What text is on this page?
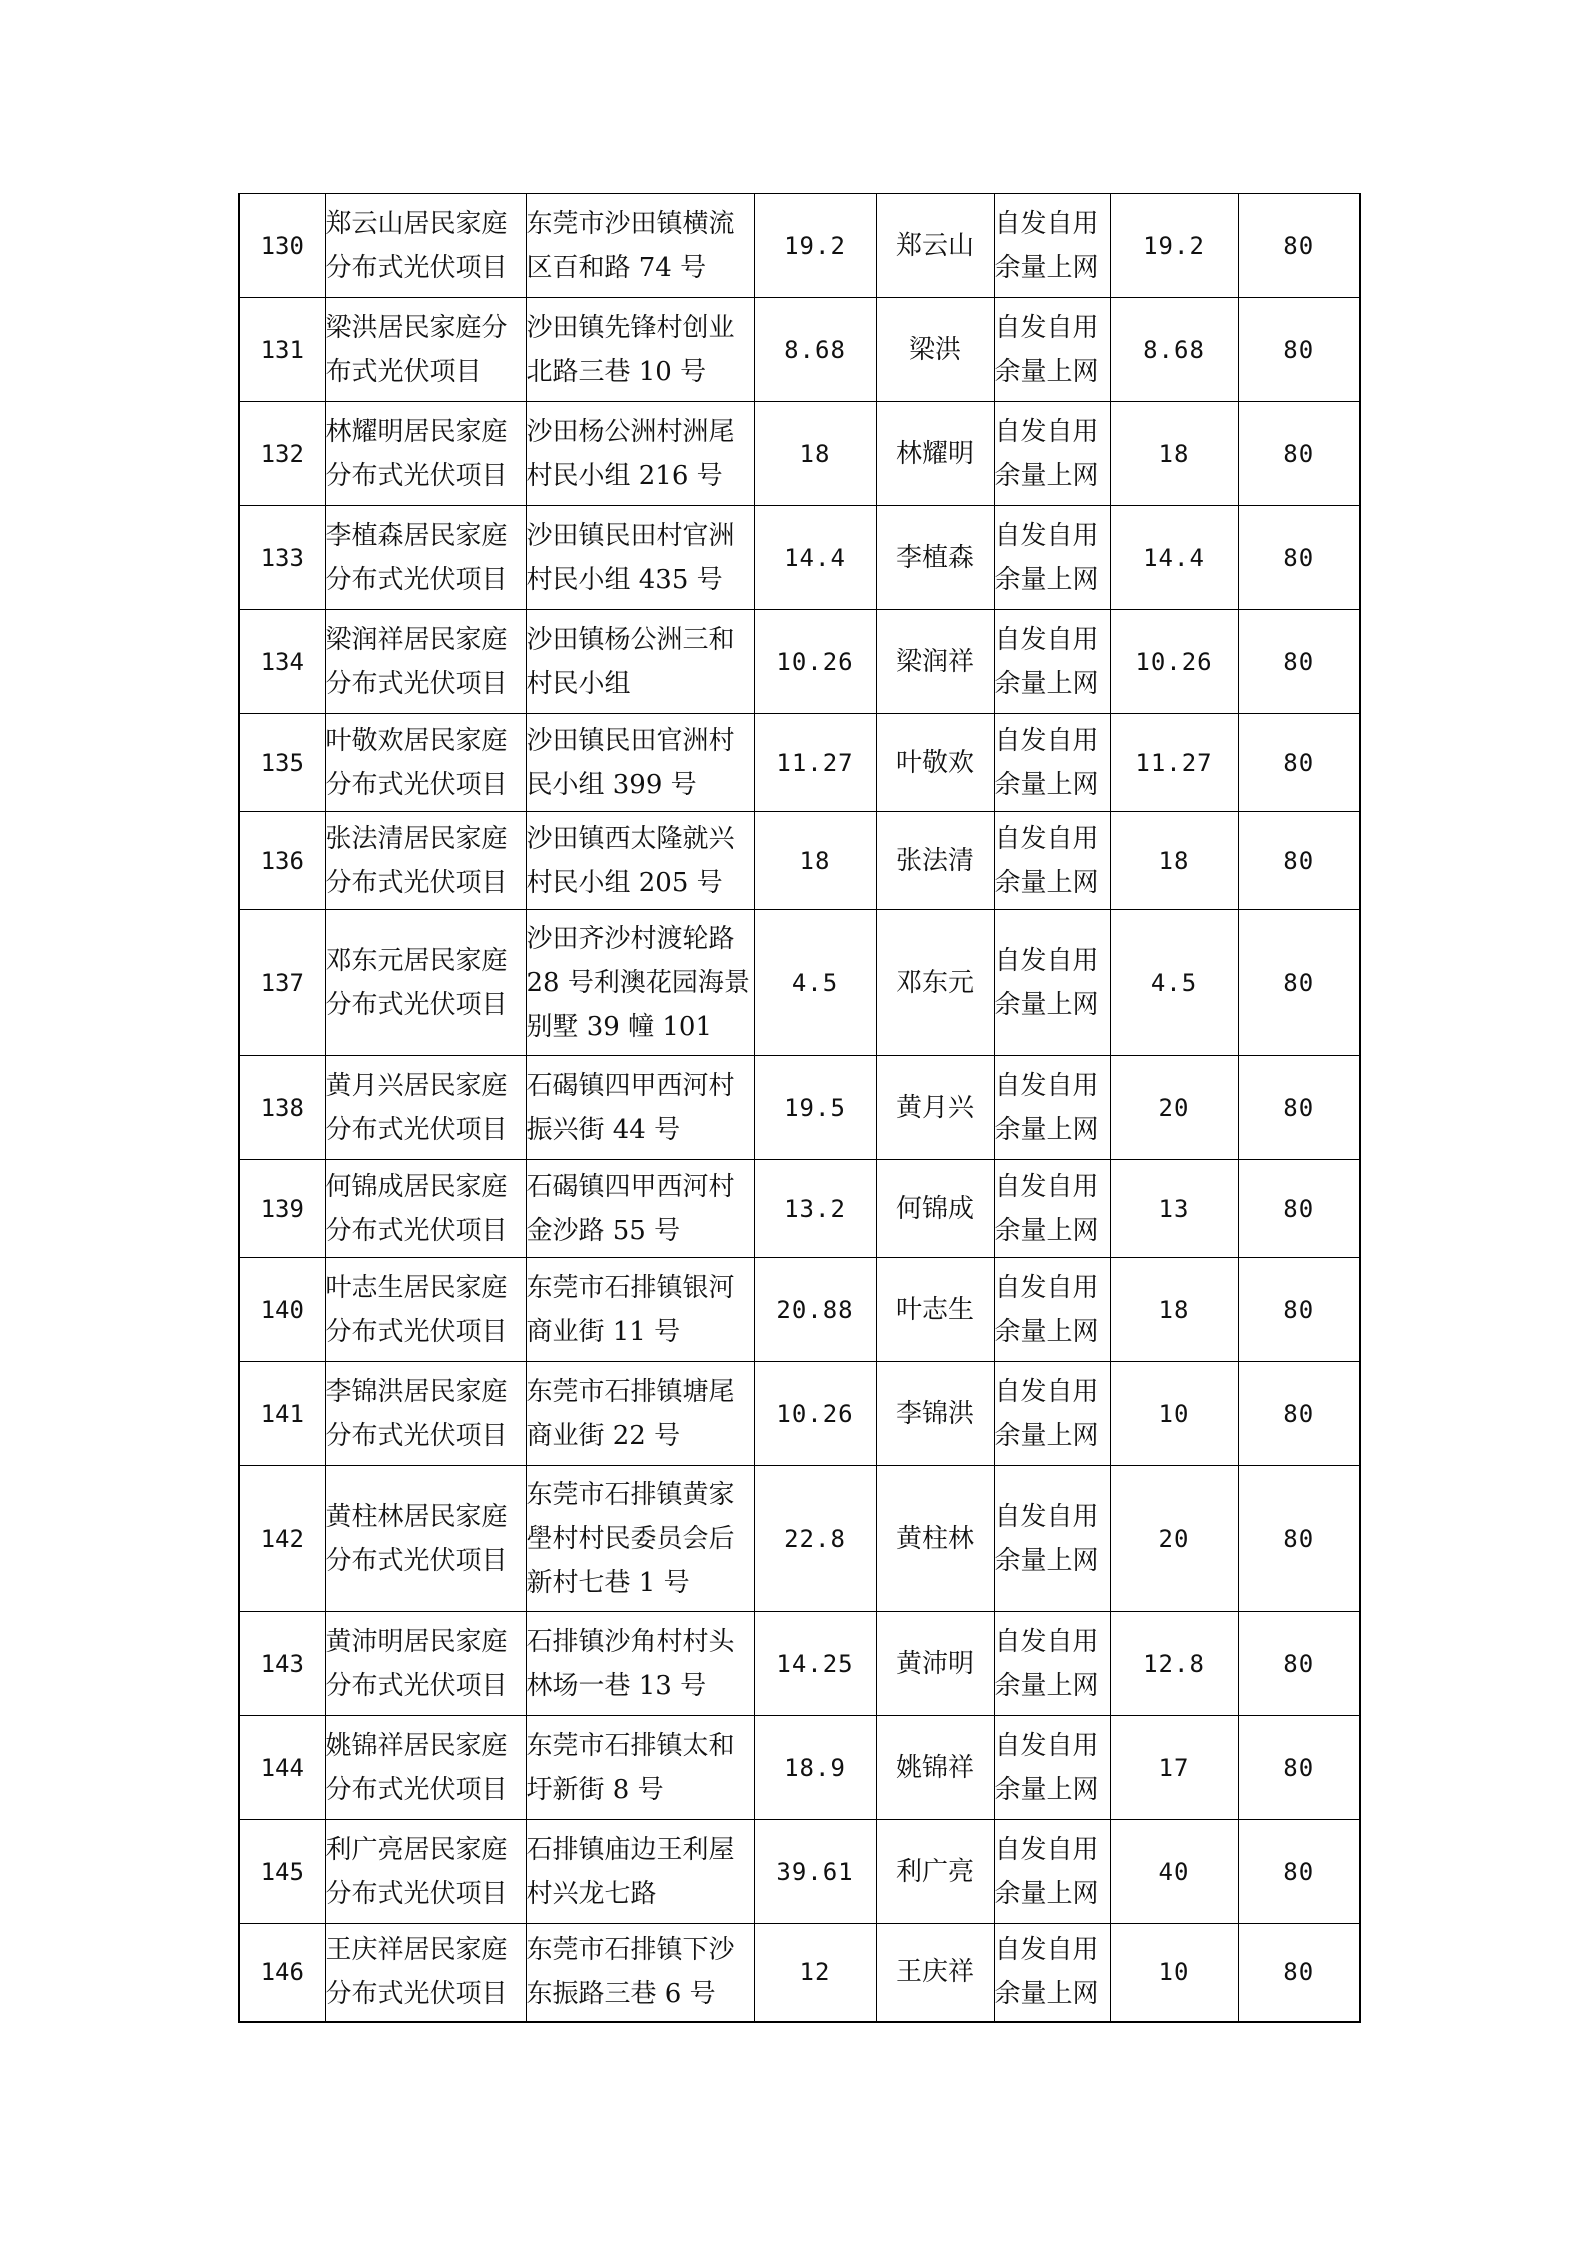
130	郑云山居民家庭分布式光伏项目	东莞市沙田镇横流区百和路 74 号	19.2	郑云山	自发自用余量上网	19.2	80
131	梁洪居民家庭分布式光伏项目	沙田镇先锋村创业北路三巷 10 号	8.68	梁洪	自发自用余量上网	8.68	80
132	林耀明居民家庭分布式光伏项目	沙田杨公洲村洲尾村民小组 216 号	18	林耀明	自发自用余量上网	18	80
133	李植森居民家庭分布式光伏项目	沙田镇民田村官洲村民小组 435 号	14.4	李植森	自发自用余量上网	14.4	80
134	梁润祥居民家庭分布式光伏项目	沙田镇杨公洲三和村民小组	10.26	梁润祥	自发自用余量上网	10.26	80
135	叶敬欢居民家庭分布式光伏项目	沙田镇民田官洲村民小组 399 号	11.27	叶敬欢	自发自用余量上网	11.27	80
136	张法清居民家庭分布式光伏项目	沙田镇西太隆就兴村民小组 205 号	18	张法清	自发自用余量上网	18	80
137	邓东元居民家庭分布式光伏项目	沙田齐沙村渡轮路 28 号利澳花园海景别墅 39 幢 101	4.5	邓东元	自发自用余量上网	4.5	80
138	黄月兴居民家庭分布式光伏项目	石碣镇四甲西河村振兴街 44 号	19.5	黄月兴	自发自用余量上网	20	80
139	何锦成居民家庭分布式光伏项目	石碣镇四甲西河村金沙路 55 号	13.2	何锦成	自发自用余量上网	13	80
140	叶志生居民家庭分布式光伏项目	东莞市石排镇银河商业街 11 号	20.88	叶志生	自发自用余量上网	18	80
141	李锦洪居民家庭分布式光伏项目	东莞市石排镇塘尾商业街 22 号	10.26	李锦洪	自发自用余量上网	10	80
142	黄柱林居民家庭分布式光伏项目	东莞市石排镇黄家壆村村民委员会后新村七巷 1 号	22.8	黄柱林	自发自用余量上网	20	80
143	黄沛明居民家庭分布式光伏项目	石排镇沙角村村头林场一巷 13 号	14.25	黄沛明	自发自用余量上网	12.8	80
144	姚锦祥居民家庭分布式光伏项目	东莞市石排镇太和圩新街 8 号	18.9	姚锦祥	自发自用余量上网	17	80
145	利广亮居民家庭分布式光伏项目	石排镇庙边王利屋村兴龙七路	39.61	利广亮	自发自用余量上网	40	80
146	王庆祥居民家庭分布式光伏项目	东莞市石排镇下沙东振路三巷 6 号	12	王庆祥	自发自用余量上网	10	80
